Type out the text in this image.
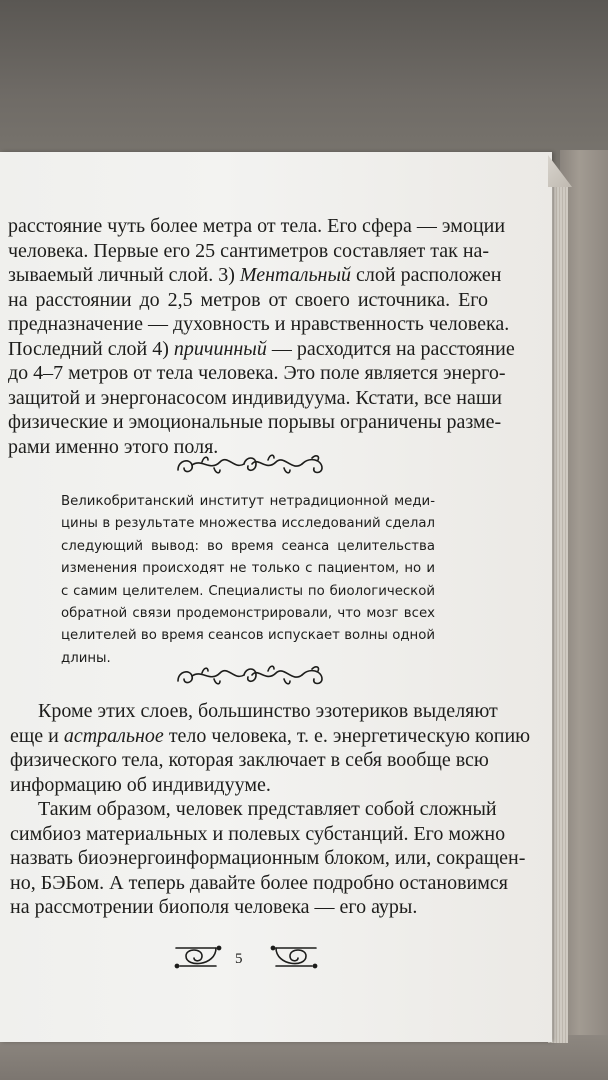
расстояние чуть более метра от тела. Его сфера — эмоции
человека. Первые его 25 сантиметров составляет так на-
зываемый личный слой. 3) Ментальный слой расположен
на расстоянии до 2,5 метров от своего источника. Его
предназначение — духовность и нравственность человека.
Последний слой 4) причинный — расходится на расстояние
до 4–7 метров от тела человека. Это поле является энерго-
защитой и энергонасосом индивидуума. Кстати, все наши
физические и эмоциональные порывы ограничены разме-
рами именно этого поля.
Великобританский институт нетрадиционной меди-
цины в результате множества исследований сделал
следующий вывод: во время сеанса целительства
изменения происходят не только с пациентом, но и
с самим целителем. Специалисты по биологической
обратной связи продемонстрировали, что мозг всех
целителей во время сеансов испускает волны одной
длины.
Кроме этих слоев, большинство эзотериков выделяют
еще и астральное тело человека, т. е. энергетическую копию
физического тела, которая заключает в себя вообще всю
информацию об индивидууме.
Таким образом, человек представляет собой сложный
симбиоз материальных и полевых субстанций. Его можно
назвать биоэнергоинформационным блоком, или, сокращен-
но, БЭБом. А теперь давайте более подробно остановимся
на рассмотрении биополя человека — его ауры.
5
